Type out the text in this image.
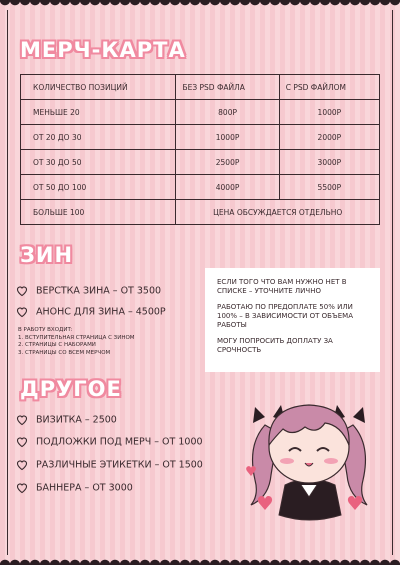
МЕРЧ-КАРТА
КОЛИЧЕСТВО ПОЗИЦИЙ	БЕЗ PSD ФАЙЛА	С PSD ФАЙЛОМ
МЕНЬШЕ 20	800Р	1000Р
ОТ 20 ДО 30	1000Р	2000Р
ОТ 30 ДО 50	2500Р	3000Р
ОТ 50 ДО 100	4000Р	5500Р
БОЛЬШЕ 100	ЦЕНА ОБСУЖДАЕТСЯ ОТДЕЛЬНО	
ЗИН
ВЕРСТКА ЗИНА – ОТ 3500
АНОНС ДЛЯ ЗИНА – 4500Р
В РАБОТУ ВХОДИТ:
1. ВСТУПИТЕЛЬНАЯ СТРАНИЦА С ЗИНОМ
2. СТРАНИЦЫ С НАБОРАМИ
3. СТРАНИЦЫ СО ВСЕМ МЕРЧОМ

ЕСЛИ ТОГО ЧТО ВАМ НУЖНО НЕТ В СПИСКЕ – УТОЧНИТЕ ЛИЧНО

РАБОТАЮ ПО ПРЕДОПЛАТЕ 50% ИЛИ 100% – В ЗАВИСИМОСТИ ОТ ОБЪЕМА РАБОТЫ

МОГУ ПОПРОСИТЬ ДОПЛАТУ ЗА СРОЧНОСТЬ

ДРУГОЕ
ВИЗИТКА – 2500
ПОДЛОЖКИ ПОД МЕРЧ – ОТ 1000
РАЗЛИЧНЫЕ ЭТИКЕТКИ – ОТ 1500
БАННЕРА – ОТ 3000
